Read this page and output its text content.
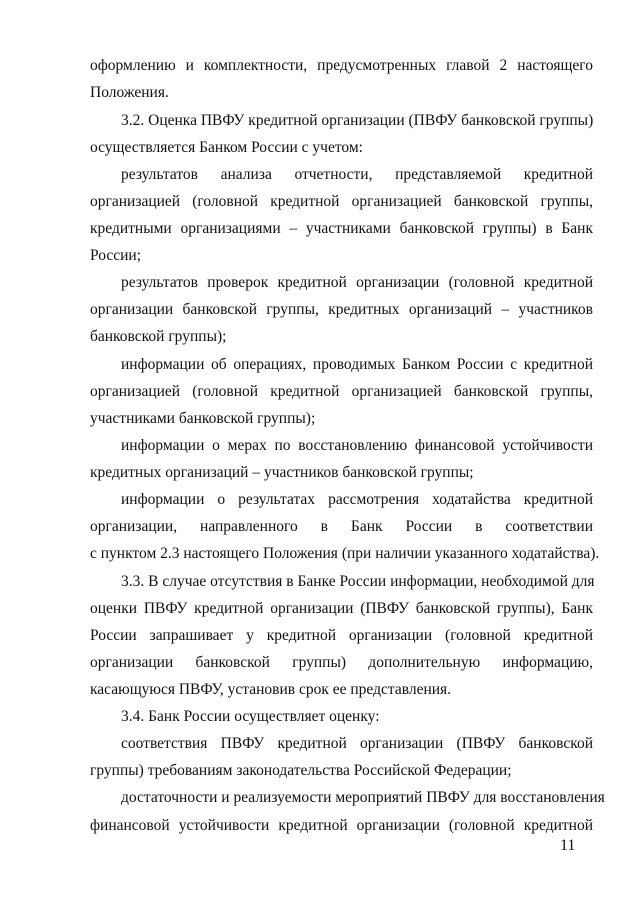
оформлению и комплектности, предусмотренных главой 2 настоящего
Положения.
3.2. Оценка ПВФУ кредитной организации (ПВФУ банковской группы)
осуществляется Банком России с учетом:
результатов анализа отчетности, представляемой кредитной
организацией (головной кредитной организацией банковской группы,
кредитными организациями – участниками банковской группы) в Банк
России;
результатов проверок кредитной организации (головной кредитной
организации банковской группы, кредитных организаций – участников
банковской группы);
информации об операциях, проводимых Банком России с кредитной
организацией (головной кредитной организацией банковской группы,
участниками банковской группы);
информации о мерах по восстановлению финансовой устойчивости
кредитных организаций – участников банковской группы;
информации о результатах рассмотрения ходатайства кредитной
организации, направленного в Банк России в соответствии
с пунктом 2.3 настоящего Положения (при наличии указанного ходатайства).
3.3. В случае отсутствия в Банке России информации, необходимой для
оценки ПВФУ кредитной организации (ПВФУ банковской группы), Банк
России запрашивает у кредитной организации (головной кредитной
организации банковской группы) дополнительную информацию,
касающуюся ПВФУ, установив срок ее представления.
3.4. Банк России осуществляет оценку:
соответствия ПВФУ кредитной организации (ПВФУ банковской
группы) требованиям законодательства Российской Федерации;
достаточности и реализуемости мероприятий ПВФУ для восстановления
финансовой устойчивости кредитной организации (головной кредитной
11
